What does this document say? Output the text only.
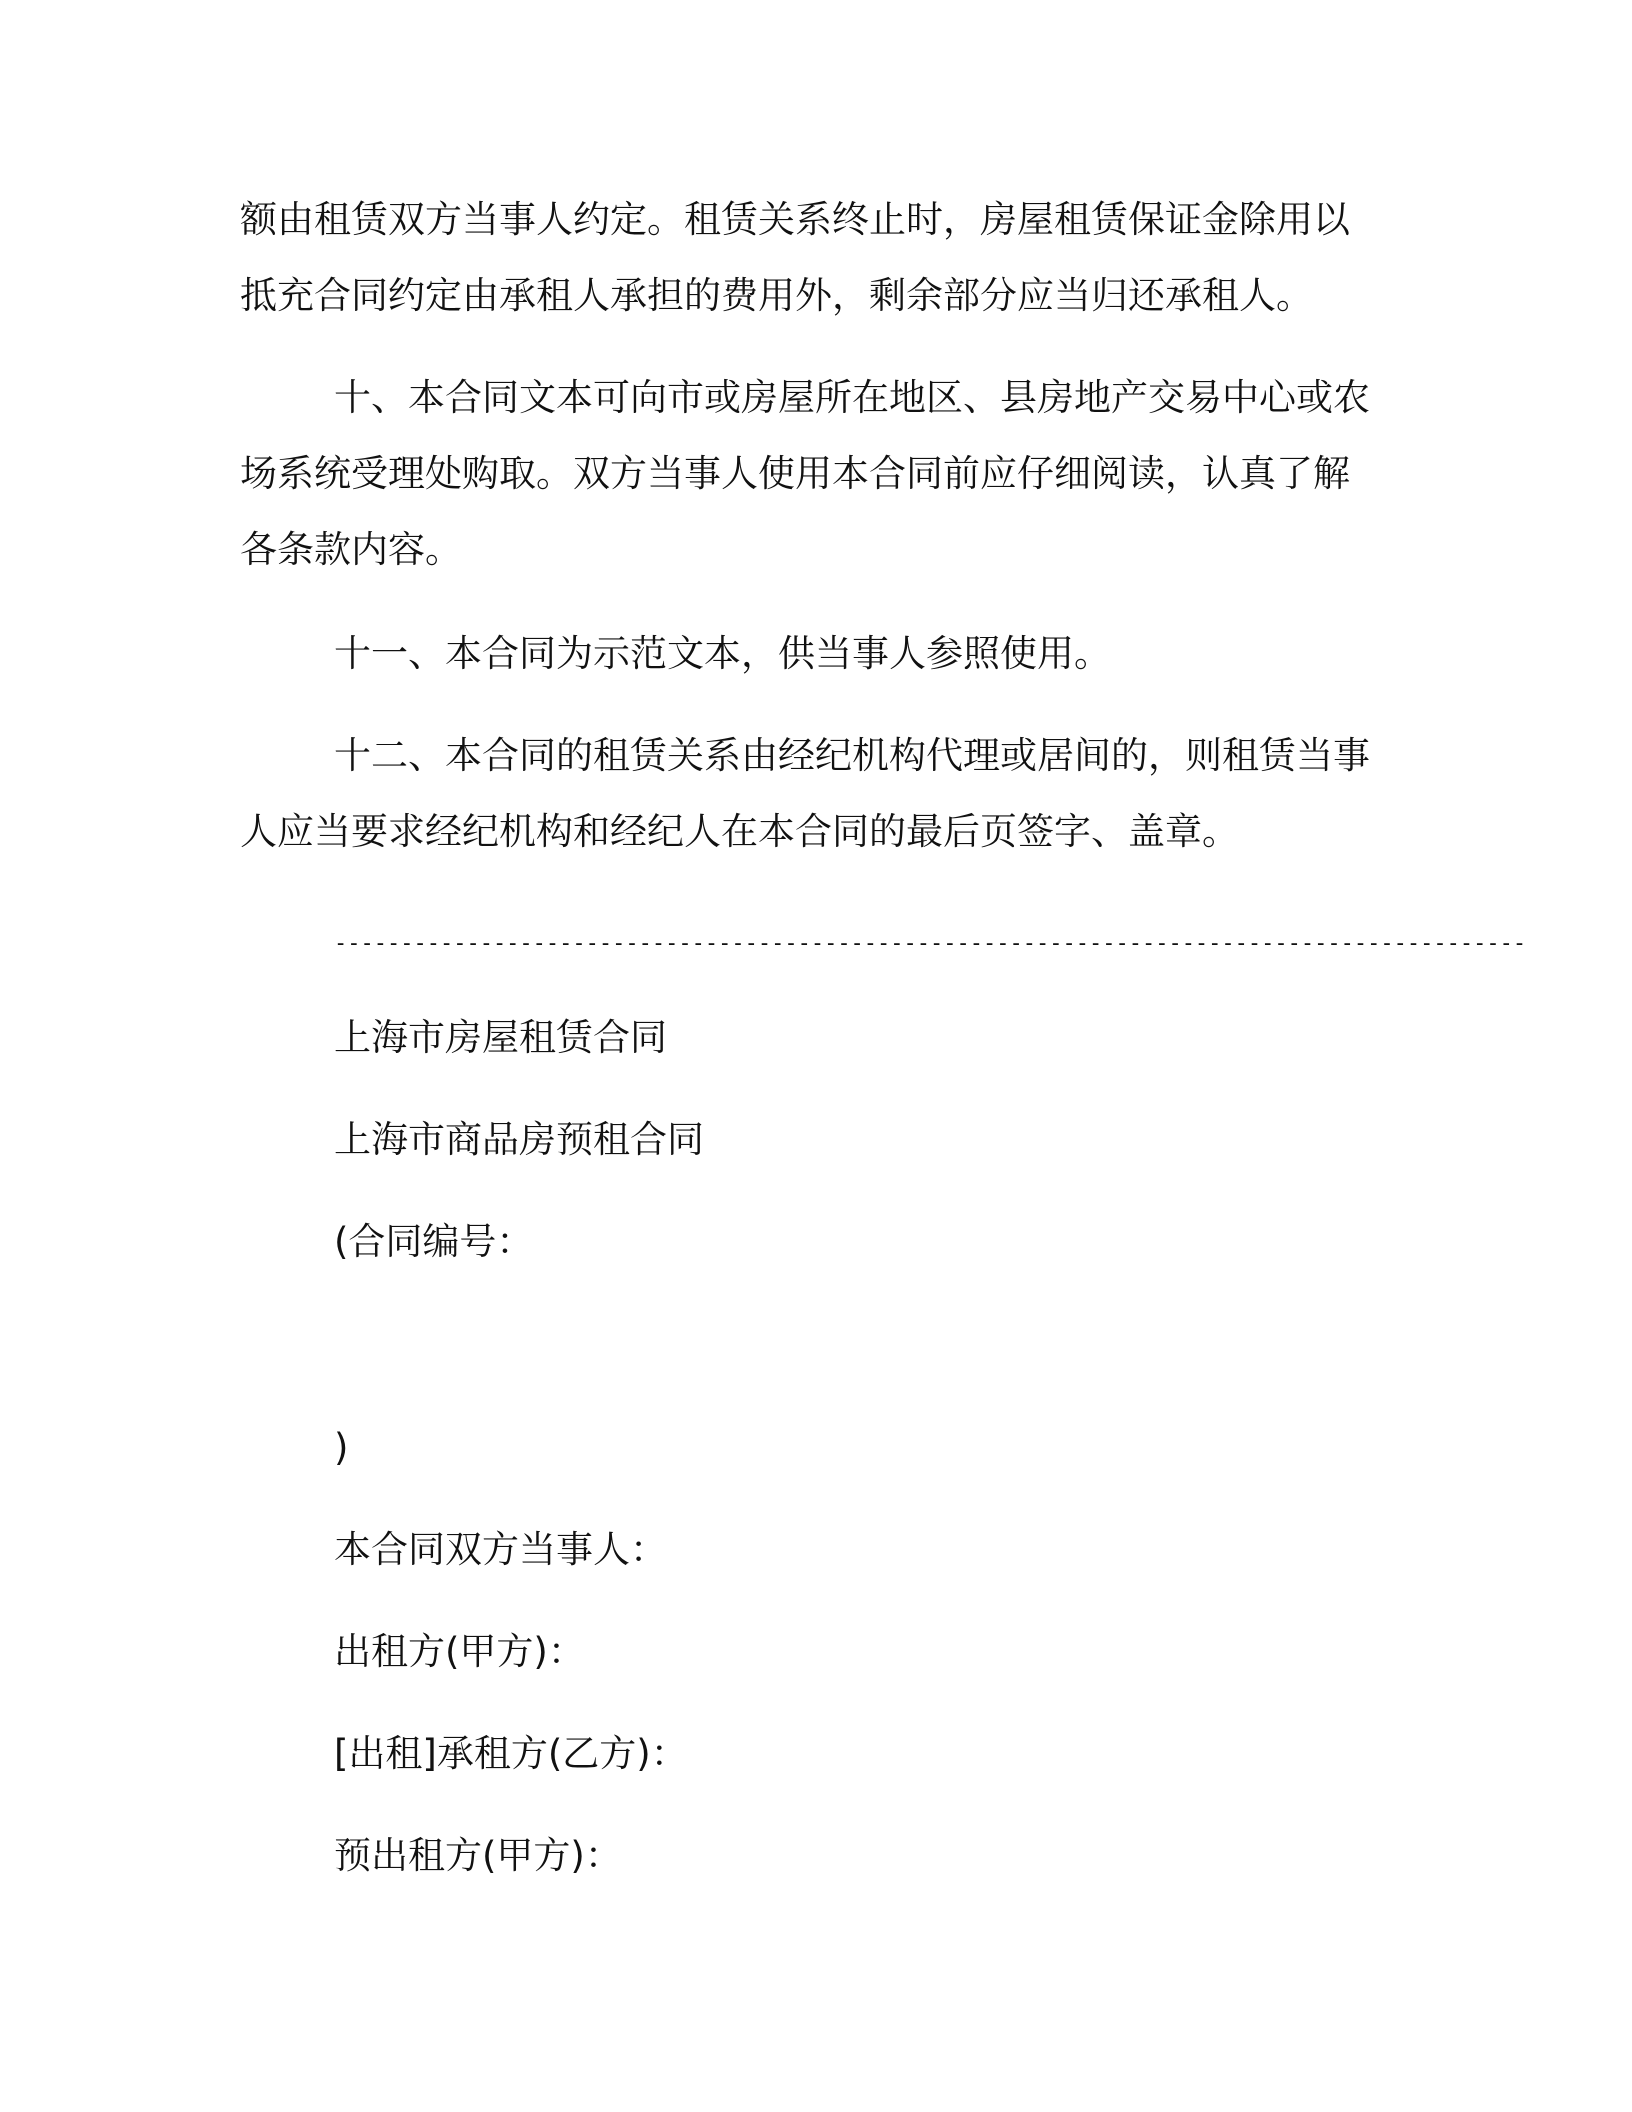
额由租赁双方当事人约定。租赁关系终止时，房屋租赁保证金除用以
抵充合同约定由承租人承担的费用外，剩余部分应当归还承租人。
十、本合同文本可向市或房屋所在地区、县房地产交易中心或农
场系统受理处购取。双方当事人使用本合同前应仔细阅读，认真了解
各条款内容。
十一、本合同为示范文本，供当事人参照使用。
十二、本合同的租赁关系由经纪机构代理或居间的，则租赁当事
人应当要求经纪机构和经纪人在本合同的最后页签字、盖章。
------------------------------------------------------------------------------------------
上海市房屋租赁合同
上海市商品房预租合同
(合同编号：
)
本合同双方当事人：
出租方(甲方)：
[出租]承租方(乙方)：
预出租方(甲方)：
